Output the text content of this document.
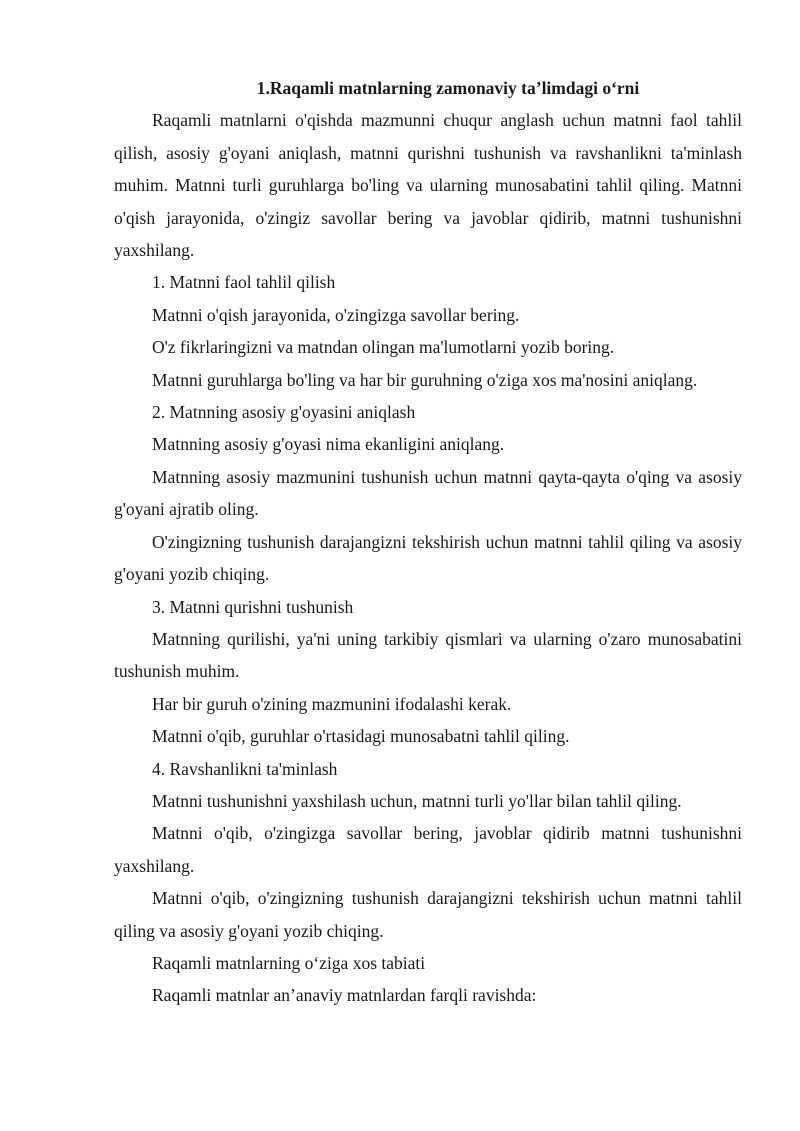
1.Raqamli matnlarning zamonaviy ta’limdagi o‘rni

Raqamli matnlarni o'qishda mazmunni chuqur anglash uchun matnni faol tahlil qilish, asosiy g'oyani aniqlash, matnni qurishni tushunish va ravshanlikni ta'minlash muhim. Matnni turli guruhlarga bo'ling va ularning munosabatini tahlil qiling. Matnni o'qish jarayonida, o'zingiz savollar bering va javoblar qidirib, matnni tushunishni yaxshilang.

1. Matnni faol tahlil qilish

Matnni o'qish jarayonida, o'zingizga savollar bering.

O'z fikrlaringizni va matndan olingan ma'lumotlarni yozib boring.

Matnni guruhlarga bo'ling va har bir guruhning o'ziga xos ma'nosini aniqlang.

2. Matnning asosiy g'oyasini aniqlash

Matnning asosiy g'oyasi nima ekanligini aniqlang.

Matnning asosiy mazmunini tushunish uchun matnni qayta-qayta o'qing va asosiy g'oyani ajratib oling.

O'zingizning tushunish darajangizni tekshirish uchun matnni tahlil qiling va asosiy g'oyani yozib chiqing.

3. Matnni qurishni tushunish

Matnning qurilishi, ya'ni uning tarkibiy qismlari va ularning o'zaro munosabatini tushunish muhim.

Har bir guruh o'zining mazmunini ifodalashi kerak.

Matnni o'qib, guruhlar o'rtasidagi munosabatni tahlil qiling.

4. Ravshanlikni ta'minlash

Matnni tushunishni yaxshilash uchun, matnni turli yo'llar bilan tahlil qiling.

Matnni o'qib, o'zingizga savollar bering, javoblar qidirib matnni tushunishni yaxshilang.

Matnni o'qib, o'zingizning tushunish darajangizni tekshirish uchun matnni tahlil qiling va asosiy g'oyani yozib chiqing.

Raqamli matnlarning o‘ziga xos tabiati

Raqamli matnlar an’anaviy matnlardan farqli ravishda:
